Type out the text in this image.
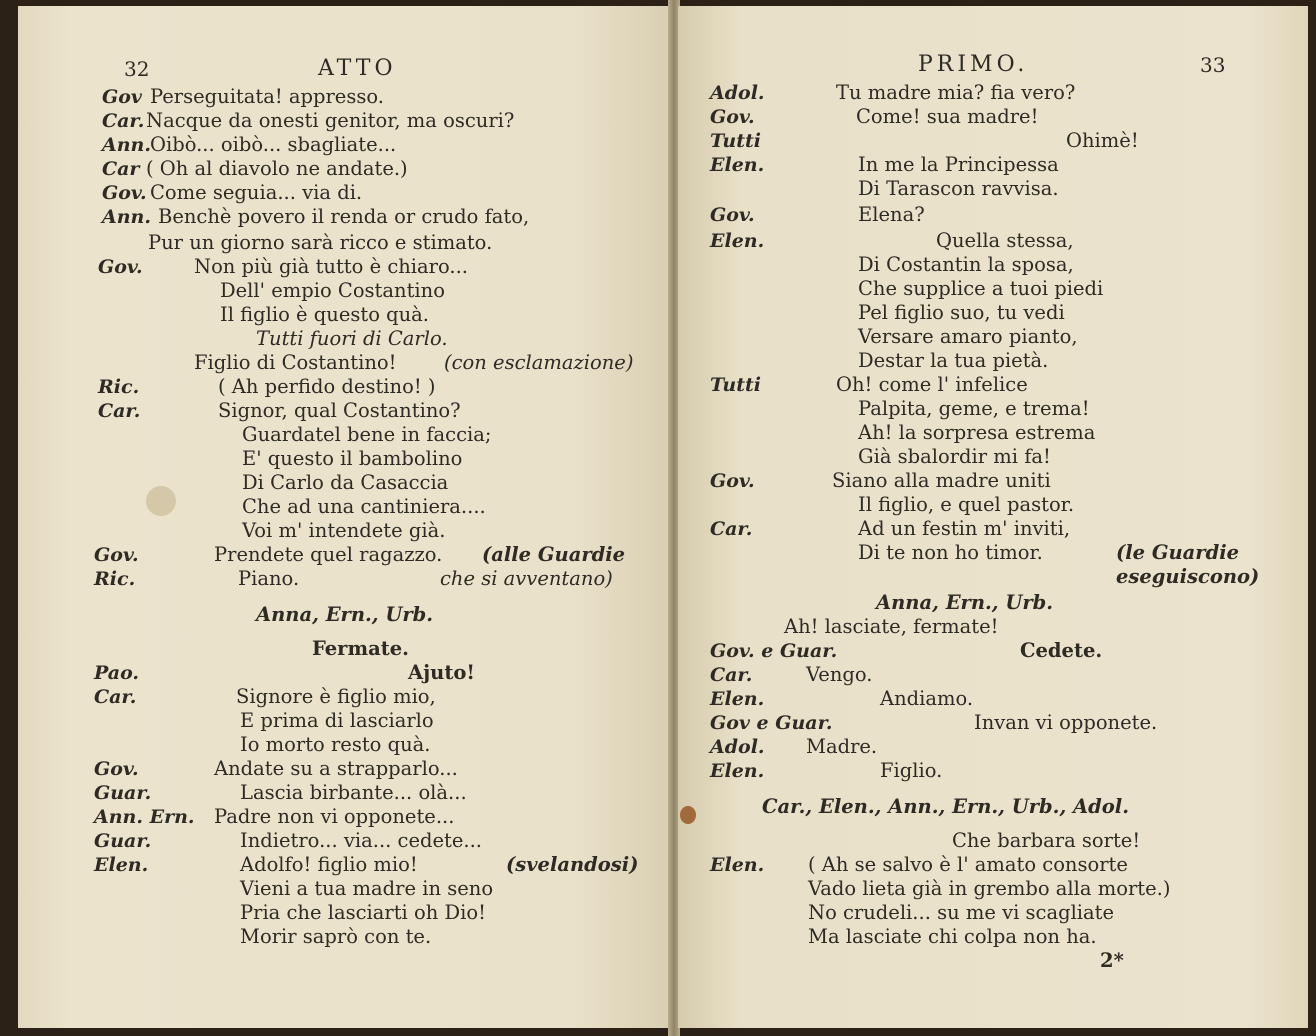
32	ATTO
Gov Perseguitata! appresso.
Car. Nacque da onesti genitor, ma oscuri?
Ann. Oibò... oibò... sbagliate...
Car ( Oh al diavolo ne andate.)
Gov. Come seguia... via di.
Ann. Benchè povero il renda or crudo fato,
Pur un giorno sarà ricco e stimato.
Gov.	Non più già tutto è chiaro...
Dell' empio Costantino
Il figlio è questo quà.
Tutti fuori di Carlo.
Figlio di Costantino! (con esclamazione)
Ric.	( Ah perfido destino! )
Car.	Signor, qual Costantino?
Guardatel bene in faccia;
E' questo il bambolino
Di Carlo da Casaccia
Che ad una cantiniera....
Voi m' intendete già.
Gov.	Prendete quel ragazzo. (alle Guardie
Ric.	Piano.	che si avventano)
Anna, Ern., Urb.
Fermate.
Pao.	Ajuto!
Car.	Signore è figlio mio,
E prima di lasciarlo
Io morto resto quà.
Gov.	Andate su a strapparlo...
Guar.	Lascia birbante... olà...
Ann. Ern. Padre non vi opponete...
Guar.	Indietro... via... cedete...
Elen.	Adolfo! figlio mio!	(svelandosi)
Vieni a tua madre in seno
Pria che lasciarti oh Dio!
Morir saprò con te.
PRIMO.	33
Adol.	Tu madre mia? fia vero?
Gov.	Come! sua madre!
Tutti	Ohimè!
Elen.	In me la Principessa
Di Tarascon ravvisa.
Gov.	Elena?
Elen.	Quella stessa,
Di Costantin la sposa,
Che supplice a tuoi piedi
Pel figlio suo, tu vedi
Versare amaro pianto,
Destar la tua pietà.
Tutti	Oh! come l' infelice
Palpita, geme, e trema!
Ah! la sorpresa estrema
Già sbalordir mi fa!
Gov.	Siano alla madre uniti
Il figlio, e quel pastor.
Car.	Ad un festin m' inviti,
Di te non ho timor.	(le Guardie
eseguiscono)
Anna, Ern., Urb.
Ah! lasciate, fermate!
Gov. e Guar.	Cedete.
Car.	Vengo.
Elen.	Andiamo.
Gov e Guar.	Invan vi opponete.
Adol. Madre.
Elen.	Figlio.
Car., Elen., Ann., Ern., Urb., Adol.
Che barbara sorte!
Elen. ( Ah se salvo è l' amato consorte
Vado lieta già in grembo alla morte.)
No crudeli... su me vi scagliate
Ma lasciate chi colpa non ha.
2*
